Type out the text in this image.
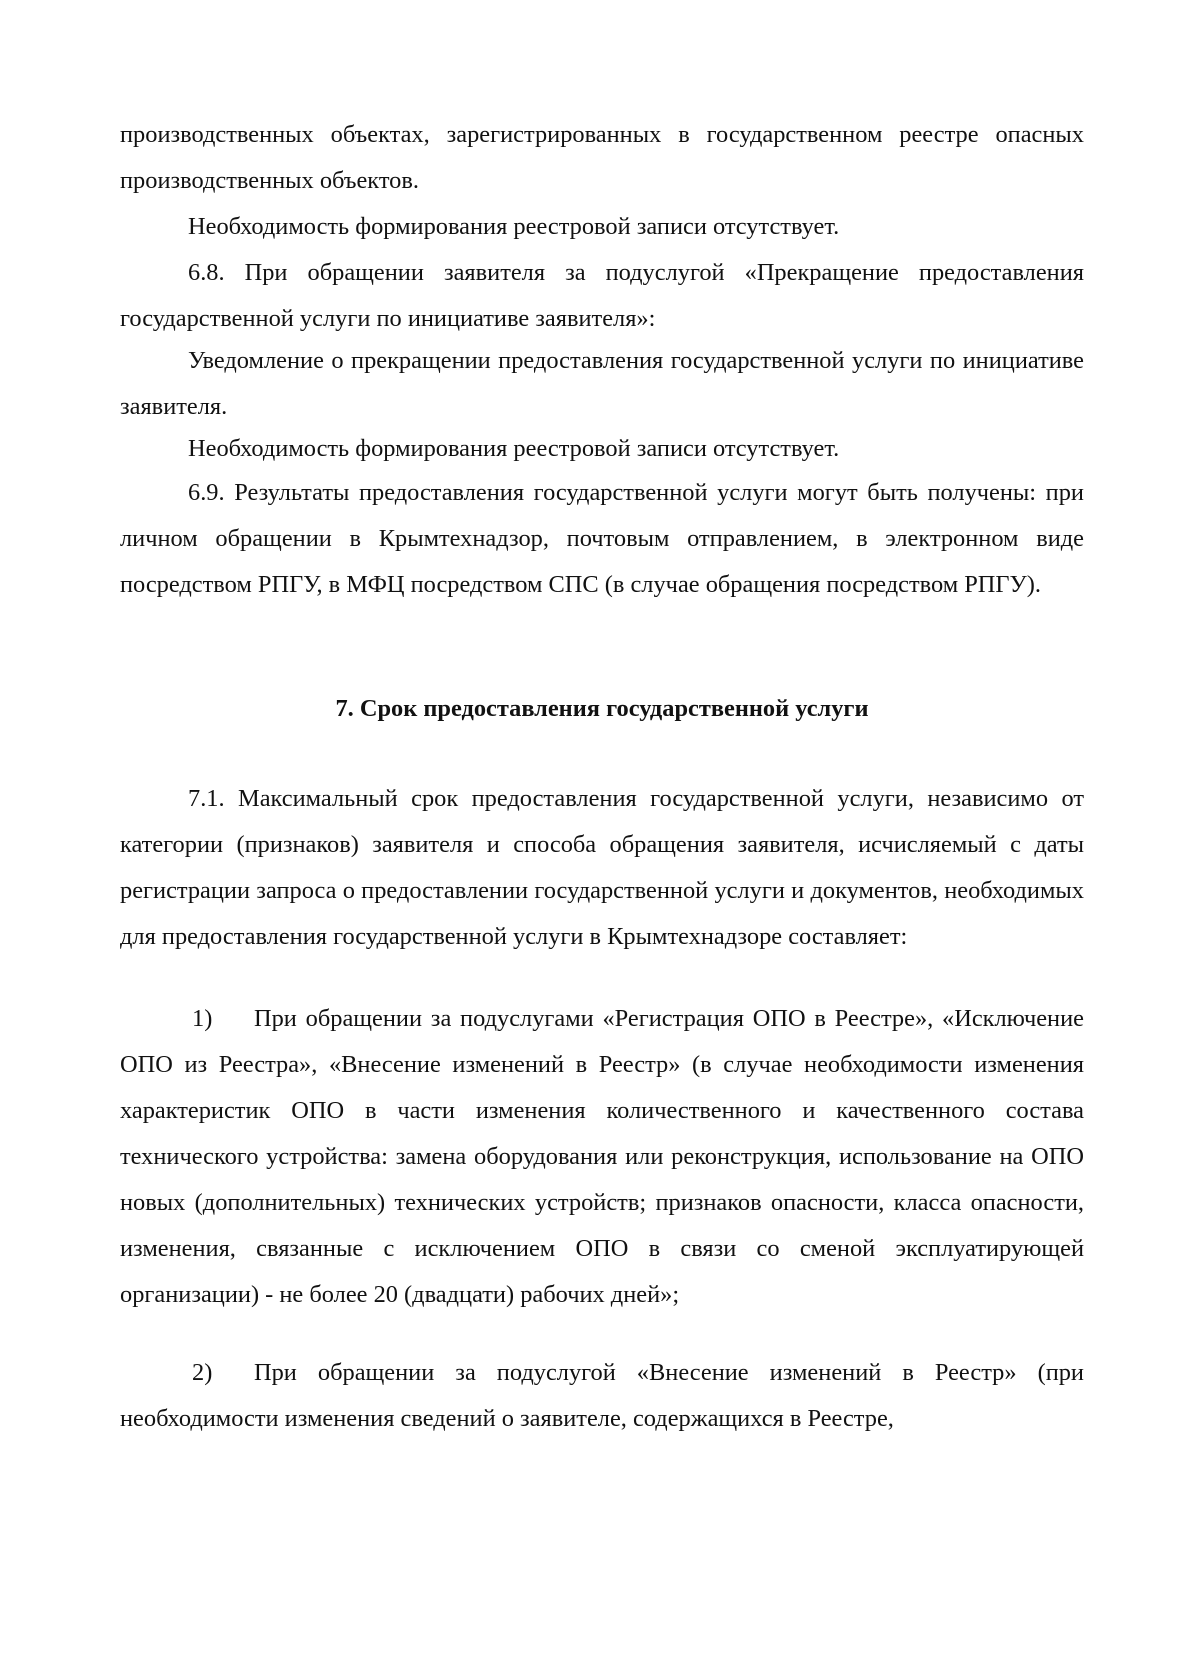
производственных объектах, зарегистрированных в государственном реестре опасных производственных объектов.

Необходимость формирования реестровой записи отсутствует.

6.8. При обращении заявителя за подуслугой «Прекращение предоставления государственной услуги по инициативе заявителя»:

Уведомление о прекращении предоставления государственной услуги по инициативе заявителя.

Необходимость формирования реестровой записи отсутствует.

6.9. Результаты предоставления государственной услуги могут быть получены: при личном обращении в Крымтехнадзор, почтовым отправлением, в электронном виде посредством РПГУ, в МФЦ посредством СПС (в случае обращения посредством РПГУ).

7. Срок предоставления государственной услуги

7.1. Максимальный срок предоставления государственной услуги, независимо от категории (признаков) заявителя и способа обращения заявителя, исчисляемый с даты регистрации запроса о предоставлении государственной услуги и документов, необходимых для предоставления государственной услуги в Крымтехнадзоре составляет:

1) При обращении за подуслугами «Регистрация ОПО в Реестре», «Исключение ОПО из Реестра», «Внесение изменений в Реестр» (в случае необходимости изменения характеристик ОПО в части изменения количественного и качественного состава технического устройства: замена оборудования или реконструкция, использование на ОПО новых (дополнительных) технических устройств; признаков опасности, класса опасности, изменения, связанные с исключением ОПО в связи со сменой эксплуатирующей организации) - не более 20 (двадцати) рабочих дней»;

2) При обращении за подуслугой «Внесение изменений в Реестр» (при необходимости изменения сведений о заявителе, содержащихся в Реестре,
